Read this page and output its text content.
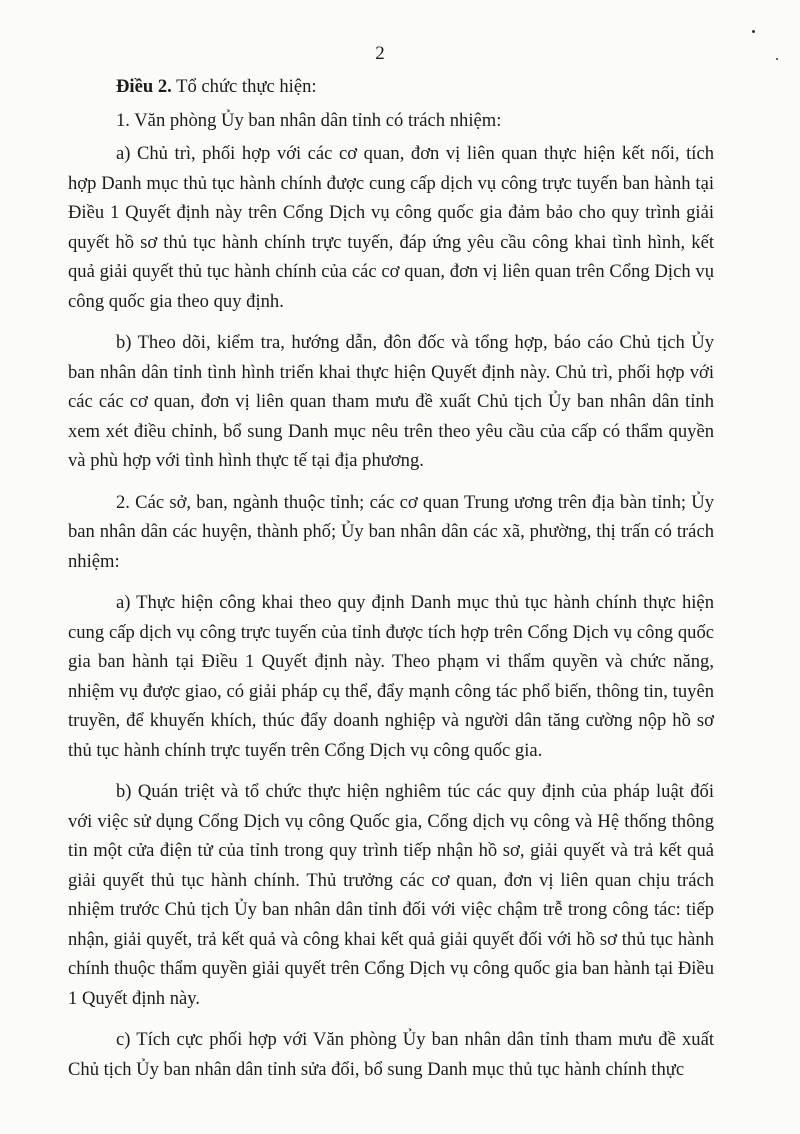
2

Điều 2. Tổ chức thực hiện:

1. Văn phòng Ủy ban nhân dân tỉnh có trách nhiệm:

a) Chủ trì, phối hợp với các cơ quan, đơn vị liên quan thực hiện kết nối, tích hợp Danh mục thủ tục hành chính được cung cấp dịch vụ công trực tuyến ban hành tại Điều 1 Quyết định này trên Cổng Dịch vụ công quốc gia đảm bảo cho quy trình giải quyết hồ sơ thủ tục hành chính trực tuyến, đáp ứng yêu cầu công khai tình hình, kết quả giải quyết thủ tục hành chính của các cơ quan, đơn vị liên quan trên Cổng Dịch vụ công quốc gia theo quy định.

b) Theo dõi, kiểm tra, hướng dẫn, đôn đốc và tổng hợp, báo cáo Chủ tịch Ủy ban nhân dân tỉnh tình hình triển khai thực hiện Quyết định này. Chủ trì, phối hợp với các các cơ quan, đơn vị liên quan tham mưu đề xuất Chủ tịch Ủy ban nhân dân tỉnh xem xét điều chỉnh, bổ sung Danh mục nêu trên theo yêu cầu của cấp có thẩm quyền và phù hợp với tình hình thực tế tại địa phương.

2. Các sở, ban, ngành thuộc tỉnh; các cơ quan Trung ương trên địa bàn tỉnh; Ủy ban nhân dân các huyện, thành phố; Ủy ban nhân dân các xã, phường, thị trấn có trách nhiệm:

a) Thực hiện công khai theo quy định Danh mục thủ tục hành chính thực hiện cung cấp dịch vụ công trực tuyến của tỉnh được tích hợp trên Cổng Dịch vụ công quốc gia ban hành tại Điều 1 Quyết định này. Theo phạm vi thẩm quyền và chức năng, nhiệm vụ được giao, có giải pháp cụ thể, đẩy mạnh công tác phổ biến, thông tin, tuyên truyền, để khuyến khích, thúc đẩy doanh nghiệp và người dân tăng cường nộp hồ sơ thủ tục hành chính trực tuyến trên Cổng Dịch vụ công quốc gia.

b) Quán triệt và tổ chức thực hiện nghiêm túc các quy định của pháp luật đối với việc sử dụng Cổng Dịch vụ công Quốc gia, Cổng dịch vụ công và Hệ thống thông tin một cửa điện tử của tỉnh trong quy trình tiếp nhận hồ sơ, giải quyết và trả kết quả giải quyết thủ tục hành chính. Thủ trưởng các cơ quan, đơn vị liên quan chịu trách nhiệm trước Chủ tịch Ủy ban nhân dân tỉnh đối với việc chậm trễ trong công tác: tiếp nhận, giải quyết, trả kết quả và công khai kết quả giải quyết đối với hồ sơ thủ tục hành chính thuộc thẩm quyền giải quyết trên Cổng Dịch vụ công quốc gia ban hành tại Điều 1 Quyết định này.

c) Tích cực phối hợp với Văn phòng Ủy ban nhân dân tỉnh tham mưu đề xuất Chủ tịch Ủy ban nhân dân tỉnh sửa đổi, bổ sung Danh mục thủ tục hành chính thực
